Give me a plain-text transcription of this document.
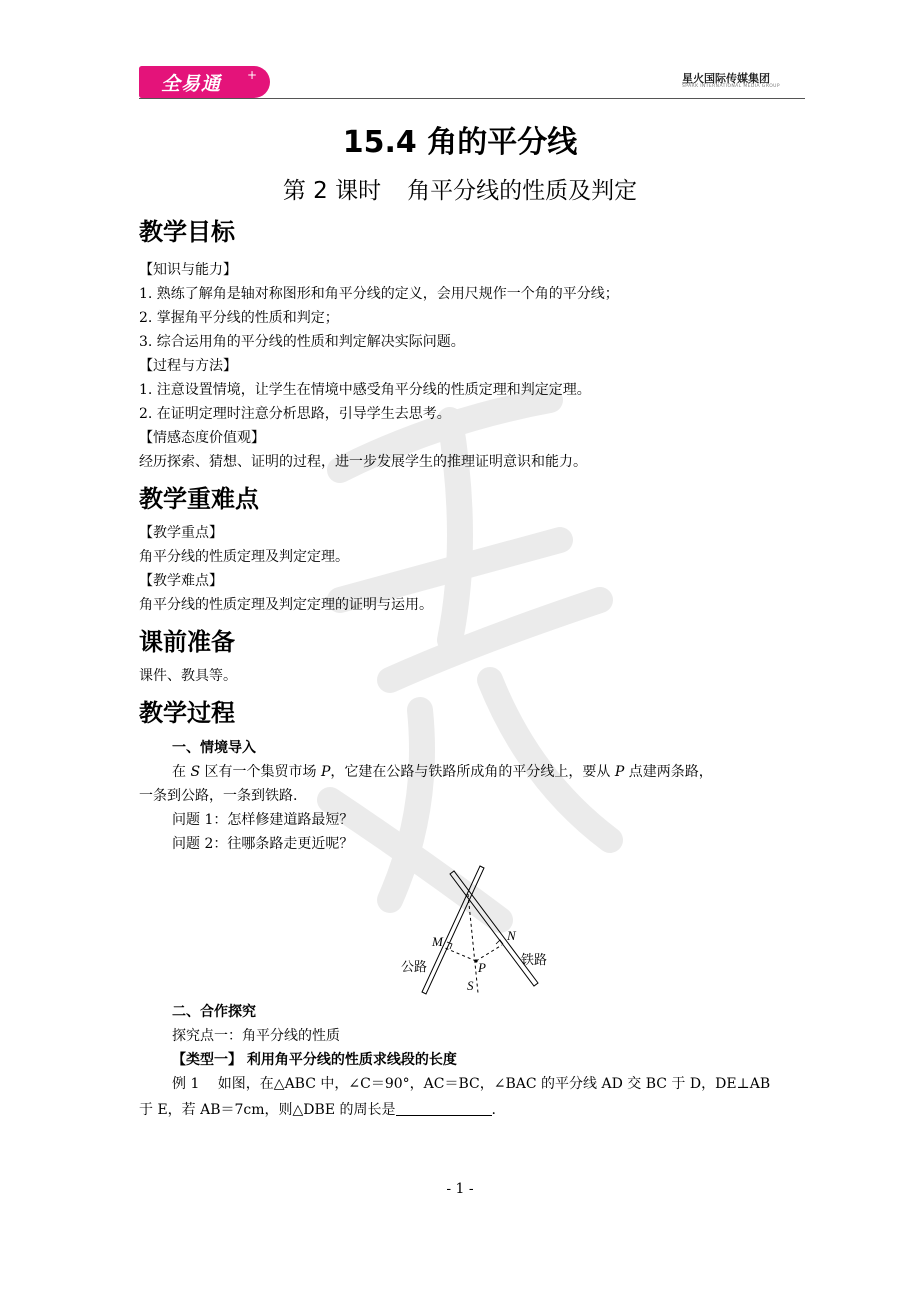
全易通 +	星火国际传媒集团
SPARK INTERNATIONAL MEDIA GROUP
15.4 角的平分线
第 2 课时 角平分线的性质及判定
教学目标
【知识与能力】
1. 熟练了解角是轴对称图形和角平分线的定义，会用尺规作一个角的平分线；
2. 掌握角平分线的性质和判定；
3. 综合运用角的平分线的性质和判定解决实际问题。
【过程与方法】
1. 注意设置情境，让学生在情境中感受角平分线的性质定理和判定定理。
2. 在证明定理时注意分析思路，引导学生去思考。
【情感态度价值观】
经历探索、猜想、证明的过程，进一步发展学生的推理证明意识和能力。
教学重难点
【教学重点】
角平分线的性质定理及判定定理。
【教学难点】
角平分线的性质定理及判定定理的证明与运用。
课前准备
课件、教具等。
教学过程
一、情境导入
在 S 区有一个集贸市场 P，它建在公路与铁路所成角的平分线上，要从 P 点建两条路，
一条到公路，一条到铁路.
问题 1：怎样修建道路最短？
问题 2：往哪条路走更近呢？
M	N
P
S
公路	铁路
二、合作探究
探究点一：角平分线的性质
【类型一】 利用角平分线的性质求线段的长度
例 1　 如图，在△ABC 中，∠C＝90°，AC＝BC，∠BAC 的平分线 AD 交 BC 于 D，DE⊥AB
于 E，若 AB＝7cm，则△DBE 的周长是	.
- 1 -
